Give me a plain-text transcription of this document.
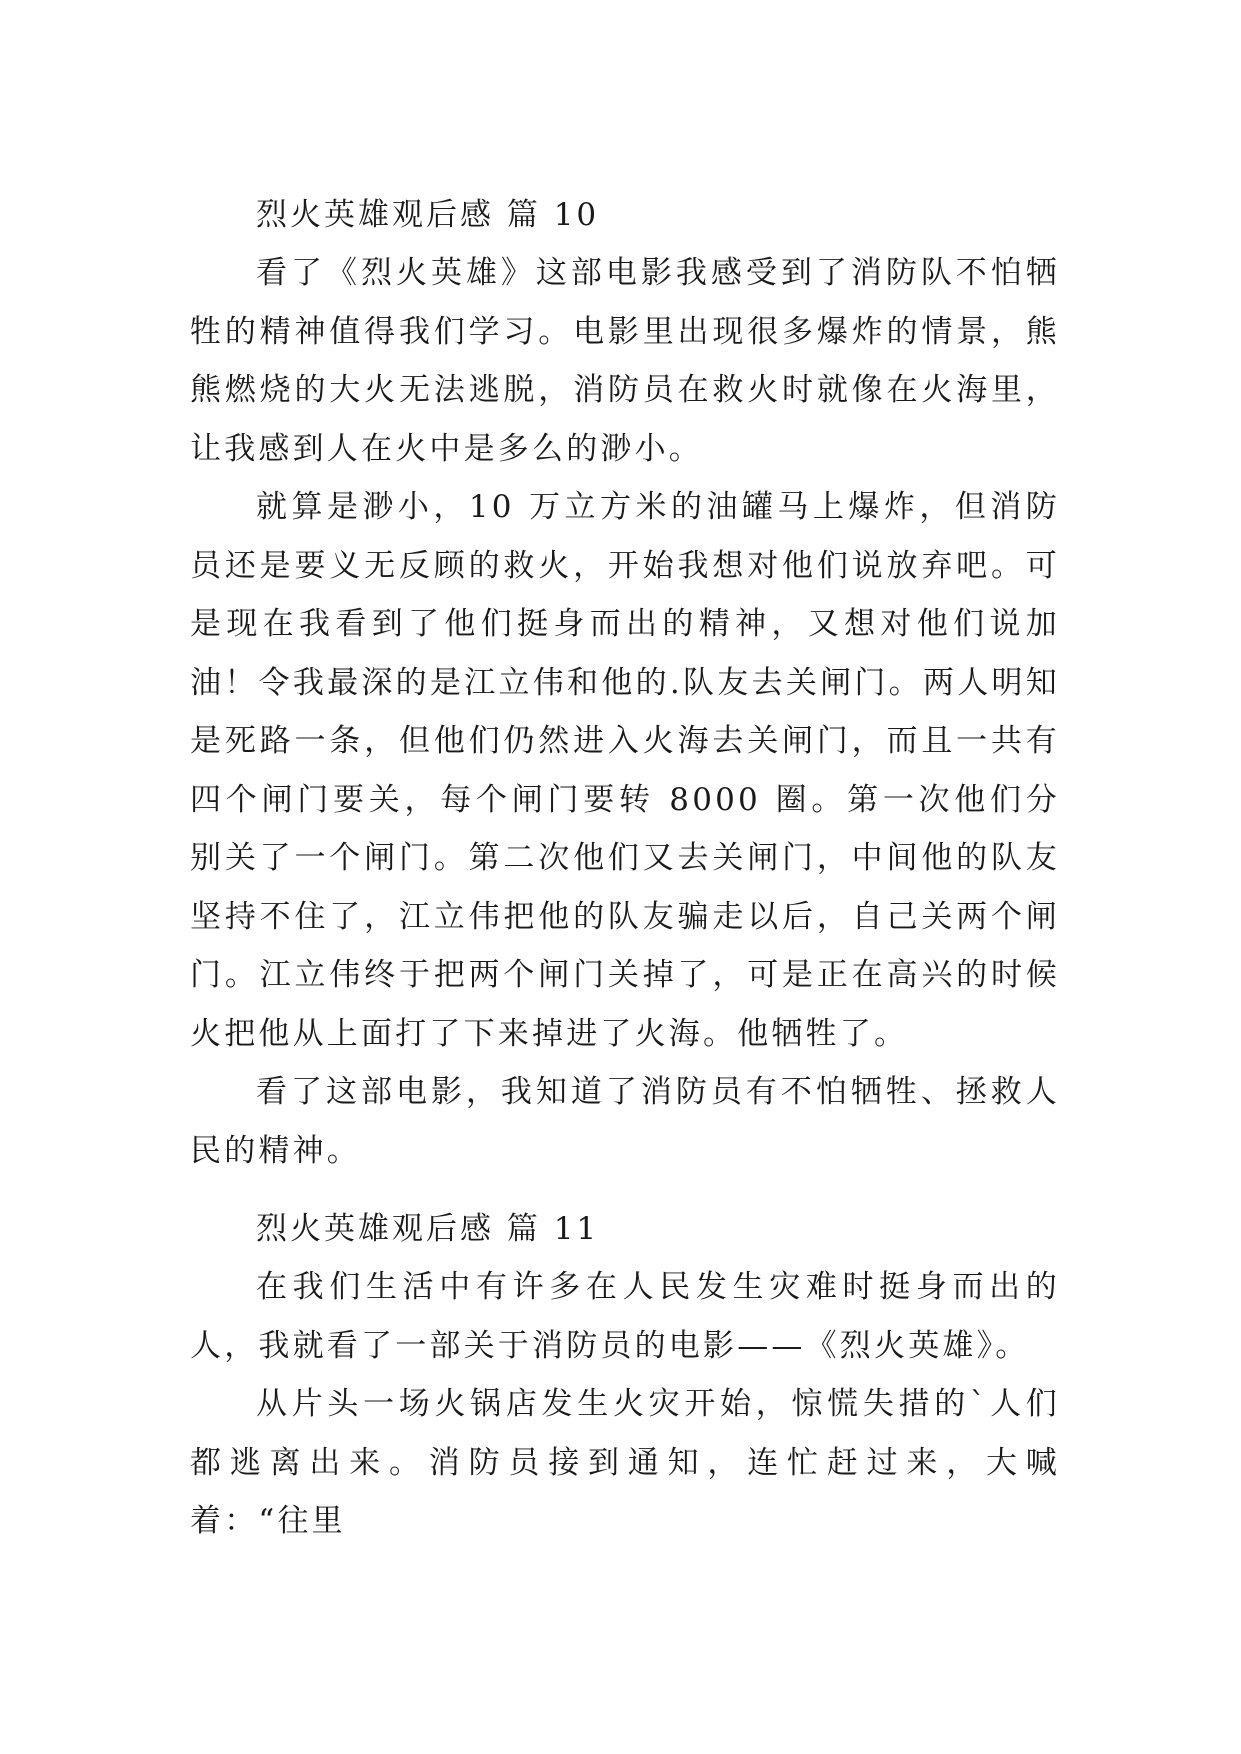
烈火英雄观后感 篇 10

看了《烈火英雄》这部电影我感受到了消防队不怕牺牲的精神值得我们学习。电影里出现很多爆炸的情景，熊熊燃烧的大火无法逃脱，消防员在救火时就像在火海里，让我感到人在火中是多么的渺小。

就算是渺小，10 万立方米的油罐马上爆炸，但消防员还是要义无反顾的救火，开始我想对他们说放弃吧。可是现在我看到了他们挺身而出的精神，又想对他们说加油！令我最深的是江立伟和他的.队友去关闸门。两人明知是死路一条，但他们仍然进入火海去关闸门，而且一共有四个闸门要关，每个闸门要转 8000 圈。第一次他们分别关了一个闸门。第二次他们又去关闸门，中间他的队友坚持不住了，江立伟把他的队友骗走以后，自己关两个闸门。江立伟终于把两个闸门关掉了，可是正在高兴的时候火把他从上面打了下来掉进了火海。他牺牲了。

看了这部电影，我知道了消防员有不怕牺牲、拯救人民的精神。

烈火英雄观后感 篇 11

在我们生活中有许多在人民发生灾难时挺身而出的人，我就看了一部关于消防员的电影——《烈火英雄》。

从片头一场火锅店发生火灾开始，惊慌失措的`人们都逃离出来。消防员接到通知，连忙赶过来，大喊着：“往里
